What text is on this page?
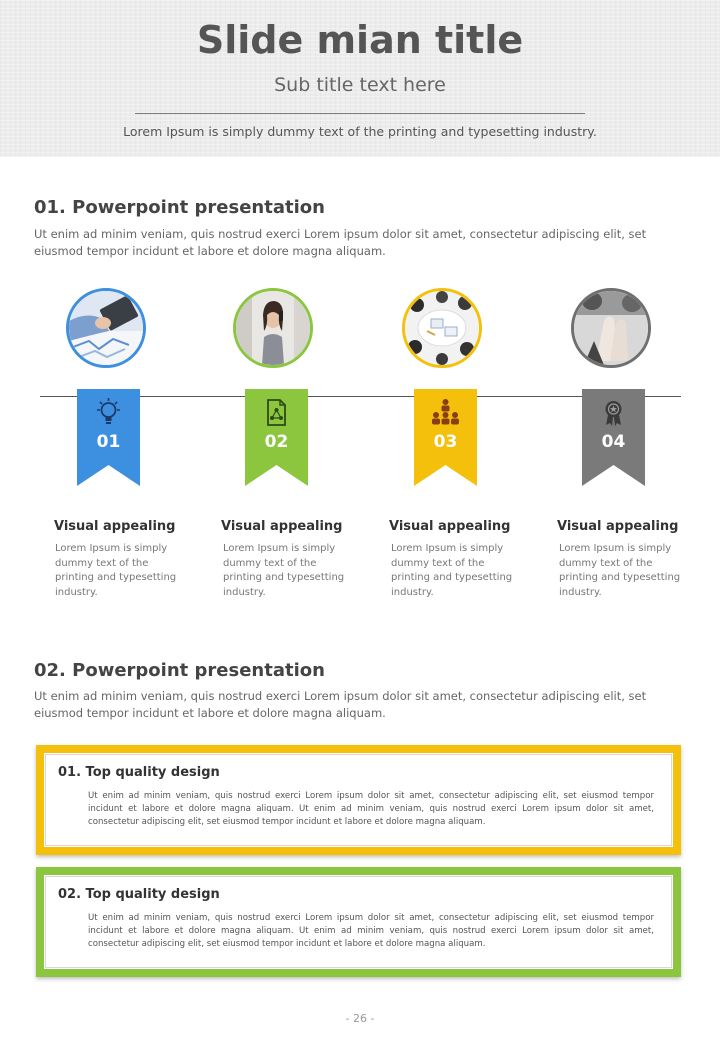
Slide mian title
Sub title text here
Lorem Ipsum is simply dummy text of the printing and typesetting industry.
01. Powerpoint presentation
Ut enim ad minim veniam, quis nostrud exerci Lorem ipsum dolor sit amet, consectetur adipiscing elit, set eiusmod tempor incidunt et labore et dolore magna aliquam.
01
Visual appealing
Lorem Ipsum is simply dummy text of the printing and typesetting industry.
02
Visual appealing
Lorem Ipsum is simply dummy text of the printing and typesetting industry.
03
Visual appealing
Lorem Ipsum is simply dummy text of the printing and typesetting industry.
04
Visual appealing
Lorem Ipsum is simply dummy text of the printing and typesetting industry.
02. Powerpoint presentation
Ut enim ad minim veniam, quis nostrud exerci Lorem ipsum dolor sit amet, consectetur adipiscing elit, set eiusmod tempor incidunt et labore et dolore magna aliquam.
01. Top quality design
Ut enim ad minim veniam, quis nostrud exerci Lorem ipsum dolor sit amet, consectetur adipiscing elit, set eiusmod tempor incidunt et labore et dolore magna aliquam. Ut enim ad minim veniam, quis nostrud exerci Lorem ipsum dolor sit amet, consectetur adipiscing elit, set eiusmod tempor incidunt et labore et dolore magna aliquam.
02. Top quality design
Ut enim ad minim veniam, quis nostrud exerci Lorem ipsum dolor sit amet, consectetur adipiscing elit, set eiusmod tempor incidunt et labore et dolore magna aliquam. Ut enim ad minim veniam, quis nostrud exerci Lorem ipsum dolor sit amet, consectetur adipiscing elit, set eiusmod tempor incidunt et labore et dolore magna aliquam.
- 26 -
